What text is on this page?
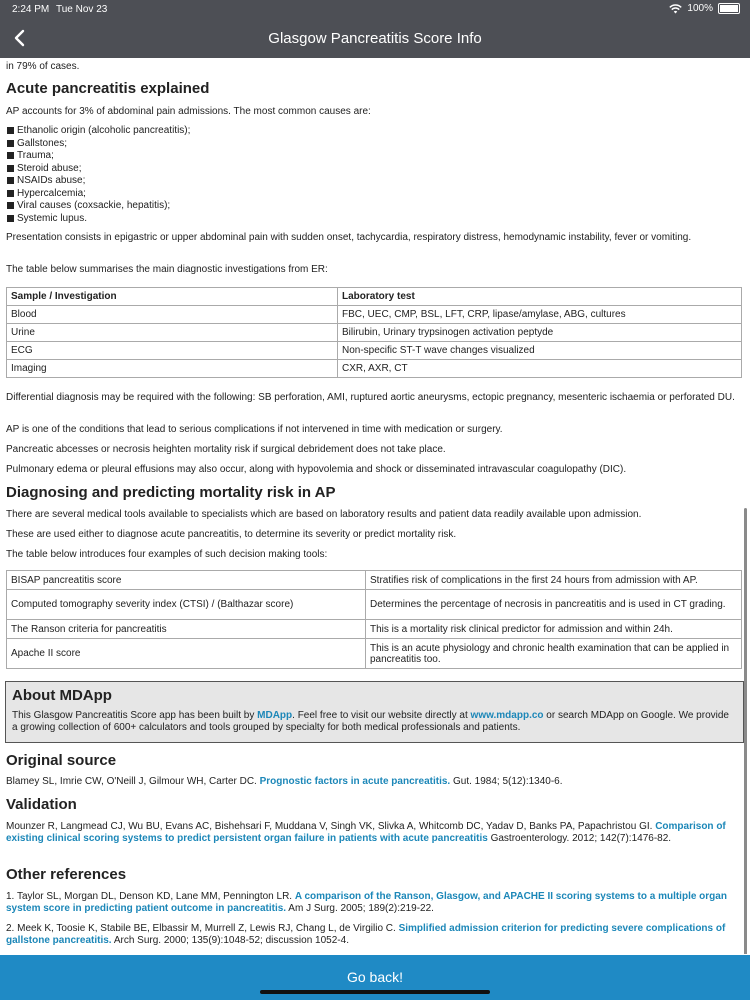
2:24 PM Tue Nov 23	100%
Glasgow Pancreatitis Score Info

in 79% of cases.

Acute pancreatitis explained

AP accounts for 3% of abdominal pain admissions. The most common causes are:

Ethanolic origin (alcoholic pancreatitis);
Gallstones;
Trauma;
Steroid abuse;
NSAIDs abuse;
Hypercalcemia;
Viral causes (coxsackie, hepatitis);
Systemic lupus.

Presentation consists in epigastric or upper abdominal pain with sudden onset, tachycardia, respiratory distress, hemodynamic instability, fever or vomiting.

The table below summarises the main diagnostic investigations from ER:

Sample / Investigation	Laboratory test
Blood	FBC, UEC, CMP, BSL, LFT, CRP, lipase/amylase, ABG, cultures
Urine	Bilirubin, Urinary trypsinogen activation peptyde
ECG	Non-specific ST-T wave changes visualized
Imaging	CXR, AXR, CT

Differential diagnosis may be required with the following: SB perforation, AMI, ruptured aortic aneurysms, ectopic pregnancy, mesenteric ischaemia or perforated DU.

AP is one of the conditions that lead to serious complications if not intervened in time with medication or surgery.

Pancreatic abcesses or necrosis heighten mortality risk if surgical debridement does not take place.

Pulmonary edema or pleural effusions may also occur, along with hypovolemia and shock or disseminated intravascular coagulopathy (DIC).

Diagnosing and predicting mortality risk in AP

There are several medical tools available to specialists which are based on laboratory results and patient data readily available upon admission.

These are used either to diagnose acute pancreatitis, to determine its severity or predict mortality risk.

The table below introduces four examples of such decision making tools:

BISAP pancreatitis score	Stratifies risk of complications in the first 24 hours from admission with AP.
Computed tomography severity index (CTSI) / (Balthazar score)	Determines the percentage of necrosis in pancreatitis and is used in CT grading.
The Ranson criteria for pancreatitis	This is a mortality risk clinical predictor for admission and within 24h.
Apache II score	This is an acute physiology and chronic health examination that can be applied in pancreatitis too.
About MDApp

This Glasgow Pancreatitis Score app has been built by MDApp. Feel free to visit our website directly at www.mdapp.co or search MDApp on Google. We provide a growing collection of 600+ calculators and tools grouped by specialty for both medical professionals and patients.

Original source

Blamey SL, Imrie CW, O'Neill J, Gilmour WH, Carter DC. Prognostic factors in acute pancreatitis. Gut. 1984; 5(12):1340-6.

Validation

Mounzer R, Langmead CJ, Wu BU, Evans AC, Bishehsari F, Muddana V, Singh VK, Slivka A, Whitcomb DC, Yadav D, Banks PA, Papachristou GI. Comparison of existing clinical scoring systems to predict persistent organ failure in patients with acute pancreatitis Gastroenterology. 2012; 142(7):1476-82.

Other references

1. Taylor SL, Morgan DL, Denson KD, Lane MM, Pennington LR. A comparison of the Ranson, Glasgow, and APACHE II scoring systems to a multiple organ system score in predicting patient outcome in pancreatitis. Am J Surg. 2005; 189(2):219-22.

2. Meek K, Toosie K, Stabile BE, Elbassir M, Murrell Z, Lewis RJ, Chang L, de Virgilio C. Simplified admission criterion for predicting severe complications of gallstone pancreatitis. Arch Surg. 2000; 135(9):1048-52; discussion 1052-4.

Go back!
